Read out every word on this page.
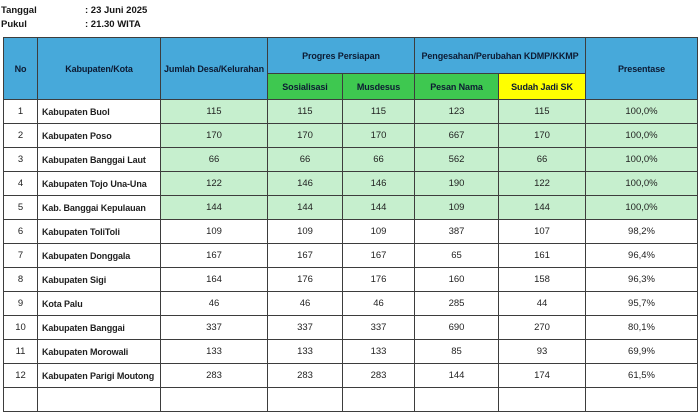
Tanggal	: 23 Juni 2025
Pukul	: 21.30 WITA
No	Kabupaten/Kota	Jumlah Desa/Kelurahan	Progres Persiapan		Pengesahan/Perubahan KDMP/KKMP		Presentase
			Sosialisasi	Musdesus	Pesan Nama	Sudah Jadi SK	
1	Kabupaten Buol	115	115	115	123	115	100,0%
2	Kabupaten Poso	170	170	170	667	170	100,0%
3	Kabupaten Banggai Laut	66	66	66	562	66	100,0%
4	Kabupaten Tojo Una-Una	122	146	146	190	122	100,0%
5	Kab. Banggai Kepulauan	144	144	144	109	144	100,0%
6	Kabupaten ToliToli	109	109	109	387	107	98,2%
7	Kabupaten Donggala	167	167	167	65	161	96,4%
8	Kabupaten Sigi	164	176	176	160	158	96,3%
9	Kota Palu	46	46	46	285	44	95,7%
10	Kabupaten Banggai	337	337	337	690	270	80,1%
11	Kabupaten Morowali	133	133	133	85	93	69,9%
12	Kabupaten Parigi Moutong	283	283	283	144	174	61,5%
